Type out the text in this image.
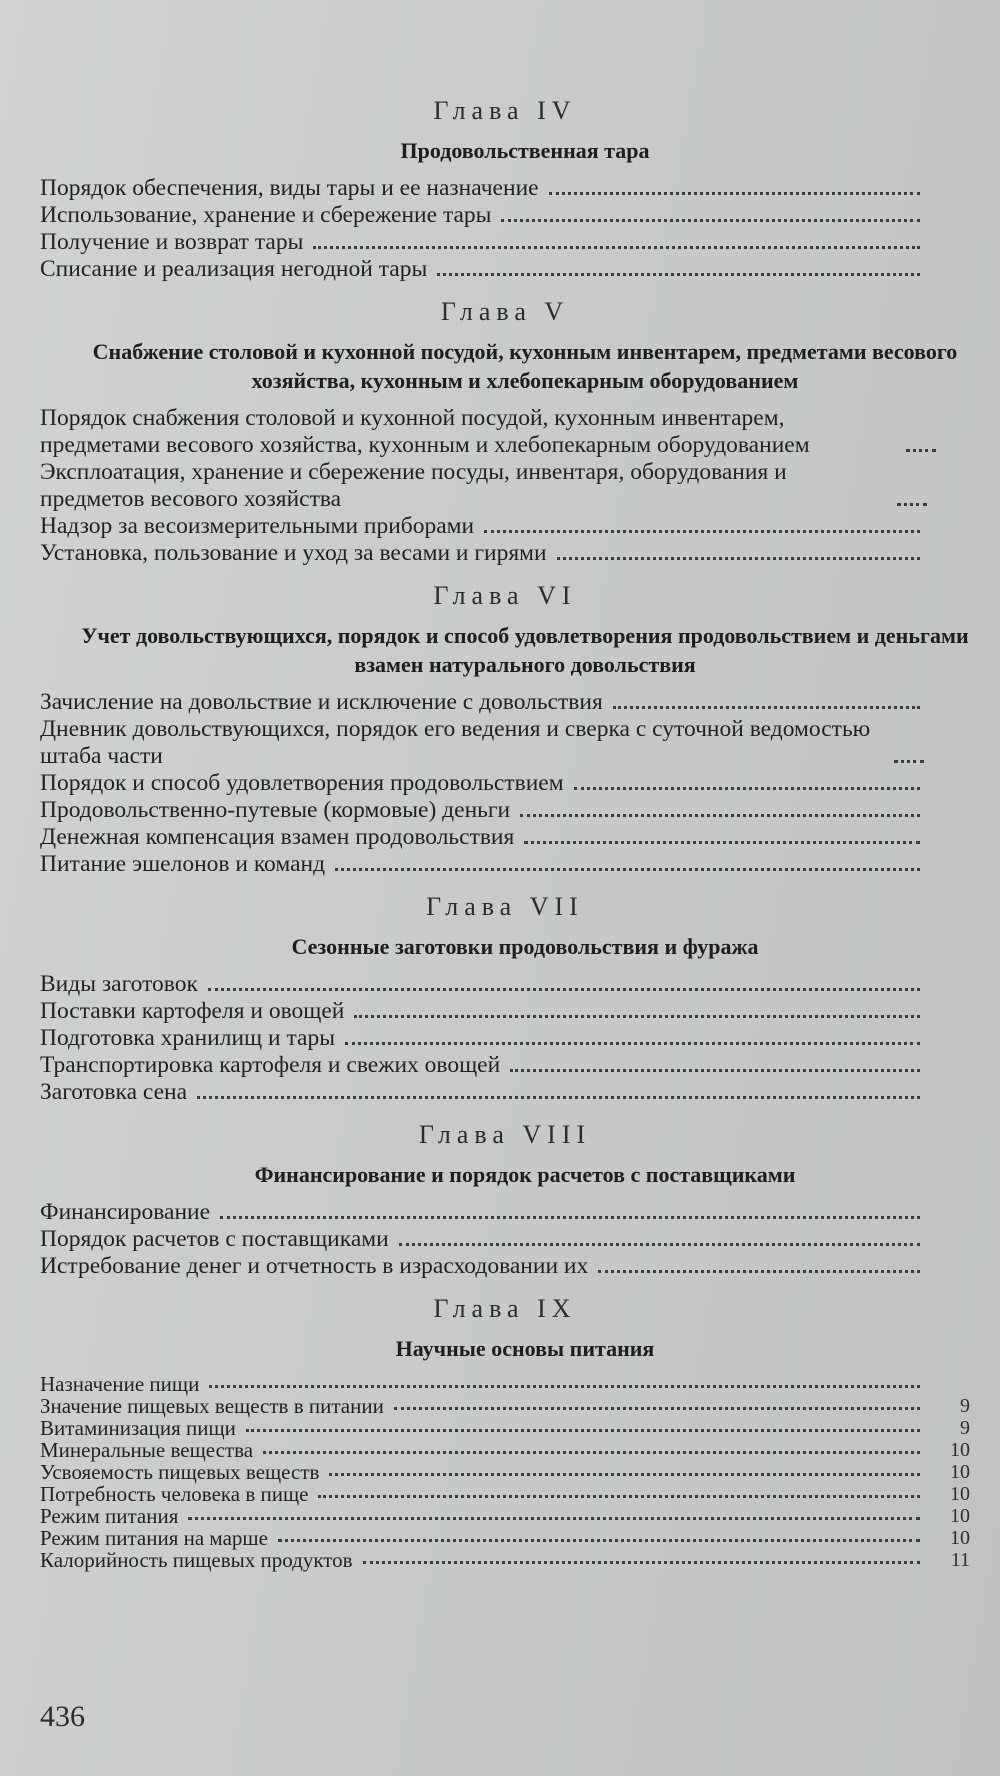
Глава IV
Продовольственная тара
Порядок обеспечения, виды тары и ее назначение
Использование, хранение и сбережение тары
Получение и возврат тары
Списание и реализация негодной тары
Глава V
Снабжение столовой и кухонной посудой, кухонным инвентарем, предметами весового хозяйства, кухонным и хлебопекарным оборудованием
Порядок снабжения столовой и кухонной посудой, кухонным инвентарем, предметами весового хозяйства, кухонным и хлебопекарным оборудованием
Эксплоатация, хранение и сбережение посуды, инвентаря, оборудования и предметов весового хозяйства
Надзор за весоизмерительными приборами
Установка, пользование и уход за весами и гирями
Глава VI
Учет довольствующихся, порядок и способ удовлетворения продовольствием и деньгами взамен натурального довольствия
Зачисление на довольствие и исключение с довольствия
Дневник довольствующихся, порядок его ведения и сверка с суточной ведомостью штаба части
Порядок и способ удовлетворения продовольствием
Продовольственно-путевые (кормовые) деньги
Денежная компенсация взамен продовольствия
Питание эшелонов и команд
Глава VII
Сезонные заготовки продовольствия и фуража
Виды заготовок
Поставки картофеля и овощей
Подготовка хранилищ и тары
Транспортировка картофеля и свежих овощей
Заготовка сена
Глава VIII
Финансирование и порядок расчетов с поставщиками
Финансирование
Порядок расчетов с поставщиками
Истребование денег и отчетность в израсходовании их
Глава IX
Научные основы питания
Назначение пищи
Значение пищевых веществ в питании	9
Витаминизация пищи	9
Минеральные вещества	10
Усвояемость пищевых веществ	10
Потребность человека в пище	10
Режим питания	10
Режим питания на марше	10
Калорийность пищевых продуктов	11
436
